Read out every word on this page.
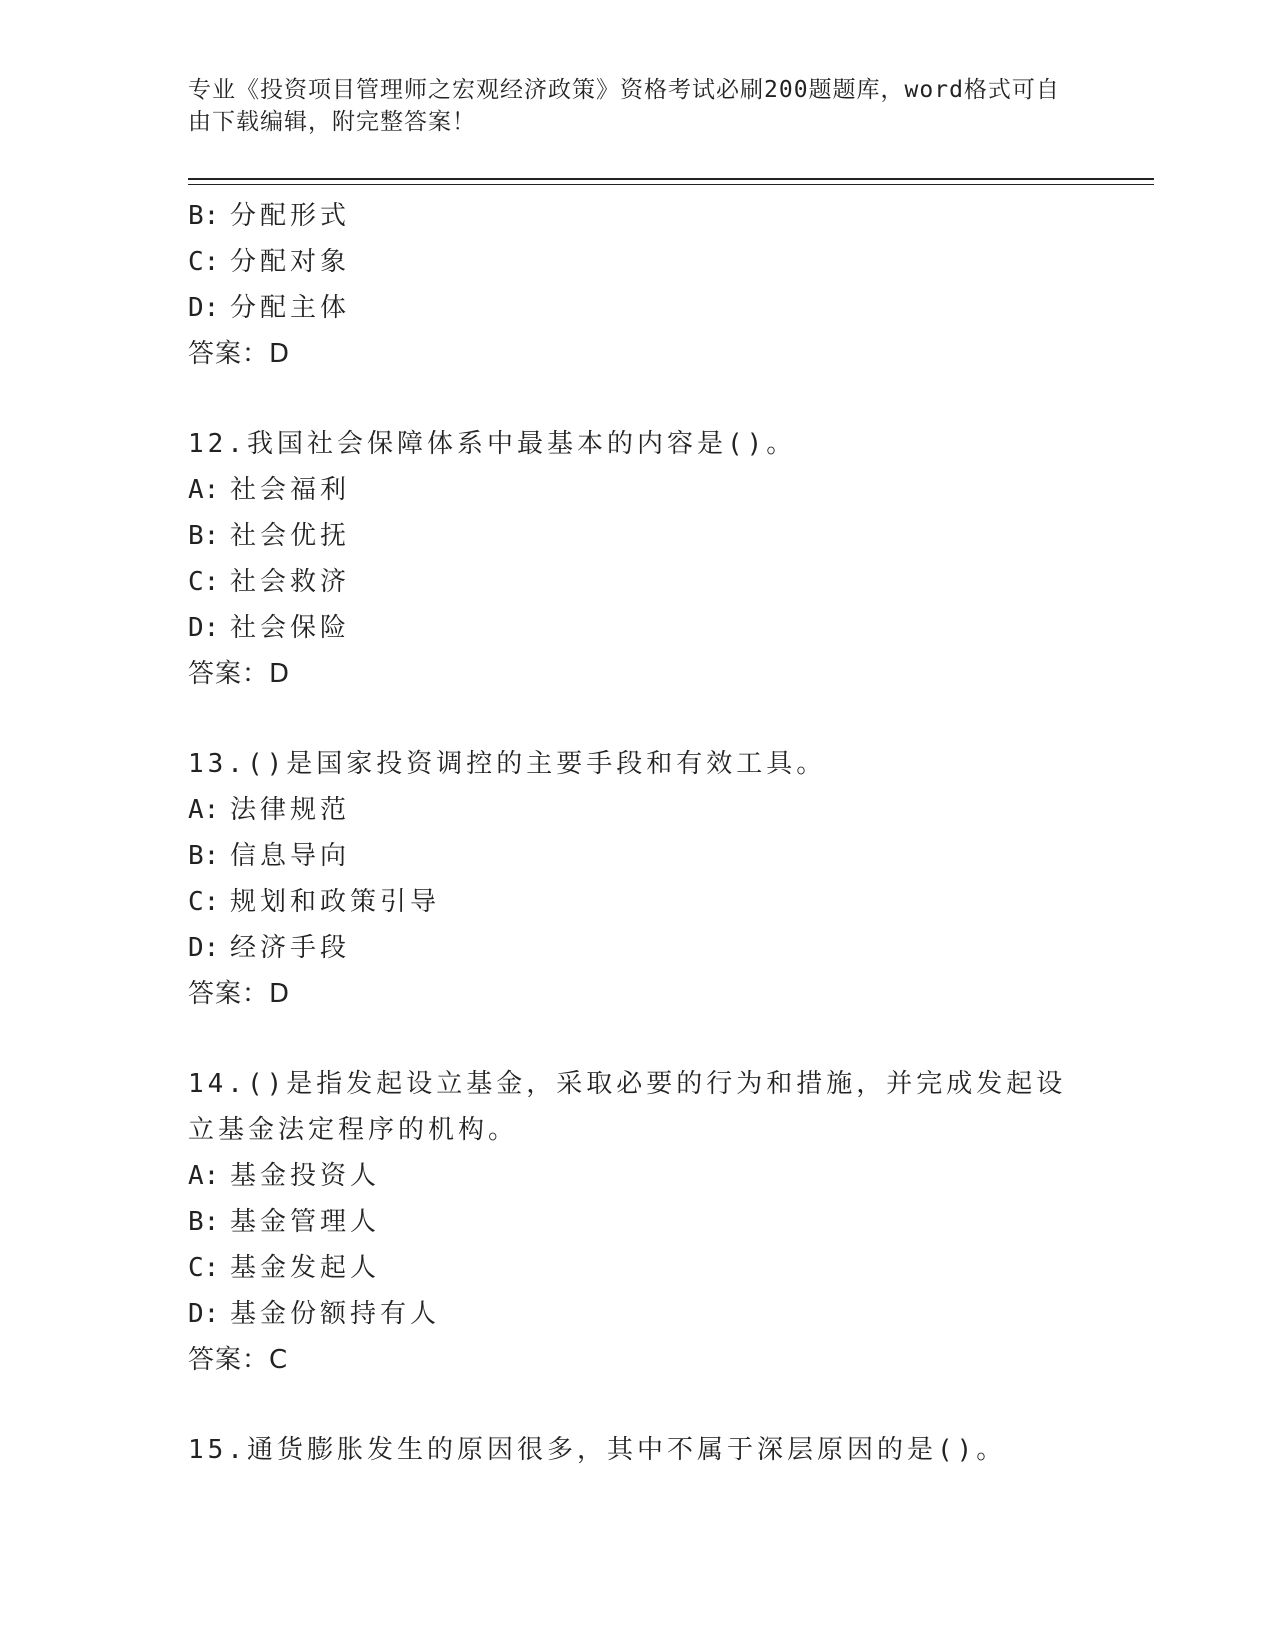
专业《投资项目管理师之宏观经济政策》资格考试必刷200题题库，word格式可自由下载编辑，附完整答案！
B: 分配形式
C: 分配对象
D: 分配主体
答案：D
12.我国社会保障体系中最基本的内容是()。
A: 社会福利
B: 社会优抚
C: 社会救济
D: 社会保险
答案：D
13.()是国家投资调控的主要手段和有效工具。
A: 法律规范
B: 信息导向
C: 规划和政策引导
D: 经济手段
答案：D
14.()是指发起设立基金，采取必要的行为和措施，并完成发起设立基金法定程序的机构。
A: 基金投资人
B: 基金管理人
C: 基金发起人
D: 基金份额持有人
答案：C
15.通货膨胀发生的原因很多，其中不属于深层原因的是()。
